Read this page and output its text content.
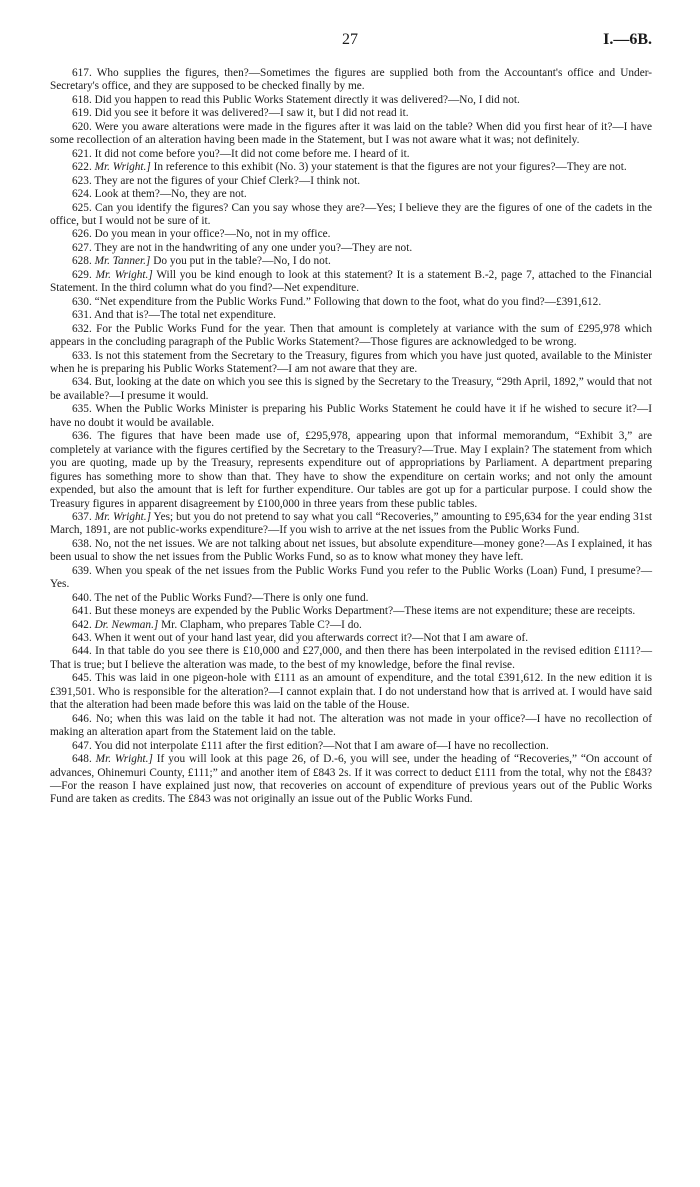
27	I.—6B.

617. Who supplies the figures, then?—Sometimes the figures are supplied both from the Accountant's office and Under-Secretary's office, and they are supposed to be checked finally by me.

618. Did you happen to read this Public Works Statement directly it was delivered?—No, I did not.

619. Did you see it before it was delivered?—I saw it, but I did not read it.

620. Were you aware alterations were made in the figures after it was laid on the table? When did you first hear of it?—I have some recollection of an alteration having been made in the Statement, but I was not aware what it was; not definitely.

621. It did not come before you?—It did not come before me. I heard of it.

622. Mr. Wright.] In reference to this exhibit (No. 3) your statement is that the figures are not your figures?—They are not.

623. They are not the figures of your Chief Clerk?—I think not.

624. Look at them?—No, they are not.

625. Can you identify the figures? Can you say whose they are?—Yes; I believe they are the figures of one of the cadets in the office, but I would not be sure of it.

626. Do you mean in your office?—No, not in my office.

627. They are not in the handwriting of any one under you?—They are not.

628. Mr. Tanner.] Do you put in the table?—No, I do not.

629. Mr. Wright.] Will you be kind enough to look at this statement? It is a statement B.-2, page 7, attached to the Financial Statement. In the third column what do you find?—Net expenditure.

630. “Net expenditure from the Public Works Fund.” Following that down to the foot, what do you find?—£391,612.

631. And that is?—The total net expenditure.

632. For the Public Works Fund for the year. Then that amount is completely at variance with the sum of £295,978 which appears in the concluding paragraph of the Public Works Statement?—Those figures are acknowledged to be wrong.

633. Is not this statement from the Secretary to the Treasury, figures from which you have just quoted, available to the Minister when he is preparing his Public Works Statement?—I am not aware that they are.

634. But, looking at the date on which you see this is signed by the Secretary to the Treasury, “29th April, 1892,” would that not be available?—I presume it would.

635. When the Public Works Minister is preparing his Public Works Statement he could have it if he wished to secure it?—I have no doubt it would be available.

636. The figures that have been made use of, £295,978, appearing upon that informal memorandum, “Exhibit 3,” are completely at variance with the figures certified by the Secretary to the Treasury?—True. May I explain? The statement from which you are quoting, made up by the Treasury, represents expenditure out of appropriations by Parliament. A department preparing figures has something more to show than that. They have to show the expenditure on certain works; and not only the amount expended, but also the amount that is left for further expenditure. Our tables are got up for a particular purpose. I could show the Treasury figures in apparent disagreement by £100,000 in three years from these public tables.

637. Mr. Wright.] Yes; but you do not pretend to say what you call “Recoveries,” amounting to £95,634 for the year ending 31st March, 1891, are not public-works expenditure?—If you wish to arrive at the net issues from the Public Works Fund.

638. No, not the net issues. We are not talking about net issues, but absolute expenditure—money gone?—As I explained, it has been usual to show the net issues from the Public Works Fund, so as to know what money they have left.

639. When you speak of the net issues from the Public Works Fund you refer to the Public Works (Loan) Fund, I presume?—Yes.

640. The net of the Public Works Fund?—There is only one fund.

641. But these moneys are expended by the Public Works Department?—These items are not expenditure; these are receipts.

642. Dr. Newman.] Mr. Clapham, who prepares Table C?—I do.

643. When it went out of your hand last year, did you afterwards correct it?—Not that I am aware of.

644. In that table do you see there is £10,000 and £27,000, and then there has been interpolated in the revised edition £111?—That is true; but I believe the alteration was made, to the best of my knowledge, before the final revise.

645. This was laid in one pigeon-hole with £111 as an amount of expenditure, and the total £391,612. In the new edition it is £391,501. Who is responsible for the alteration?—I cannot explain that. I do not understand how that is arrived at. I would have said that the alteration had been made before this was laid on the table of the House.

646. No; when this was laid on the table it had not. The alteration was not made in your office?—I have no recollection of making an alteration apart from the Statement laid on the table.

647. You did not interpolate £111 after the first edition?—Not that I am aware of—I have no recollection.

648. Mr. Wright.] If you will look at this page 26, of D.-6, you will see, under the heading of “Recoveries,” “On account of advances, Ohinemuri County, £111;” and another item of £843 2s. If it was correct to deduct £111 from the total, why not the £843?—For the reason I have explained just now, that recoveries on account of expenditure of previous years out of the Public Works Fund are taken as credits. The £843 was not originally an issue out of the Public Works Fund.
